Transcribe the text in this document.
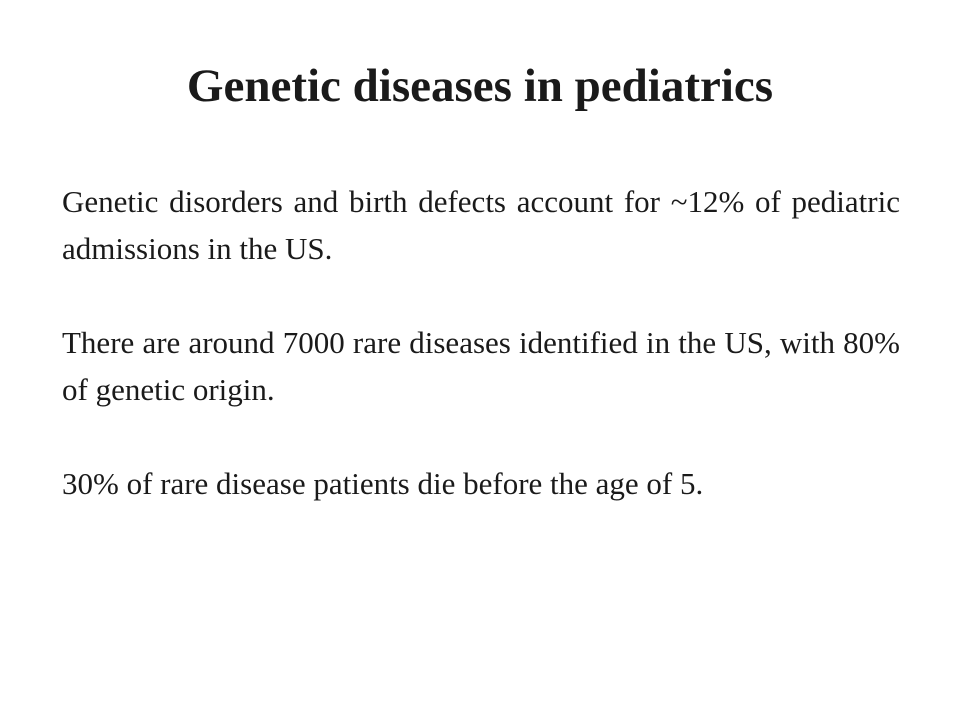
Genetic diseases in pediatrics

Genetic disorders and birth defects account for ~12% of pediatric admissions in the US.

There are around 7000 rare diseases identified in the US, with 80% of genetic origin.

30% of rare disease patients die before the age of 5.
